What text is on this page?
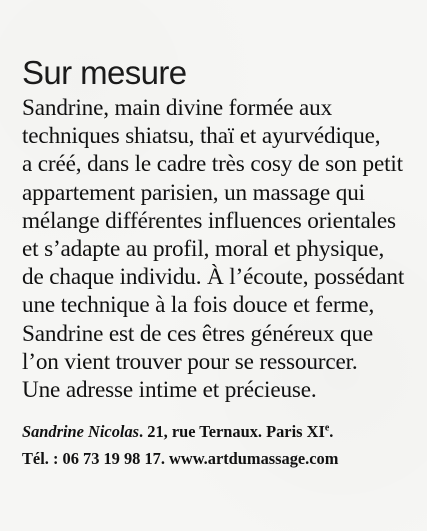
Sur mesure
Sandrine, main divine formée aux
techniques shiatsu, thaï et ayurvédique,
a créé, dans le cadre très cosy de son petit
appartement parisien, un massage qui
mélange différentes influences orientales
et s’adapte au profil, moral et physique,
de chaque individu. À l’écoute, possédant
une technique à la fois douce et ferme,
Sandrine est de ces êtres généreux que
l’on vient trouver pour se ressourcer.
Une adresse intime et précieuse.
Sandrine Nicolas. 21, rue Ternaux. Paris XIe.
Tél. : 06 73 19 98 17. www.artdumassage.com
